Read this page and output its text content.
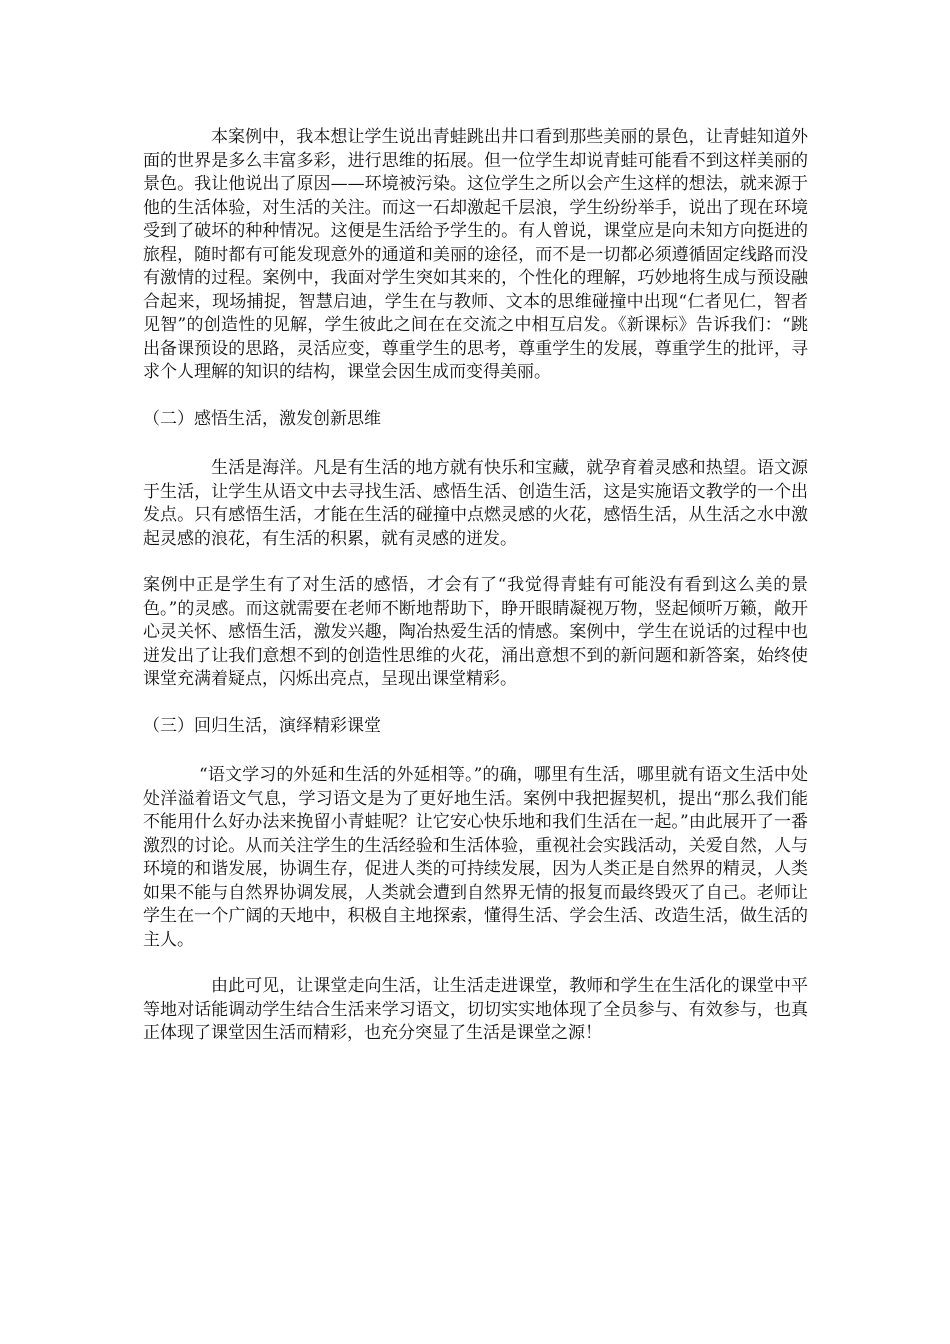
本案例中，我本想让学生说出青蛙跳出井口看到那些美丽的景色，让青蛙知道外面的世界是多么丰富多彩，进行思维的拓展。但一位学生却说青蛙可能看不到这样美丽的景色。我让他说出了原因——环境被污染。这位学生之所以会产生这样的想法，就来源于他的生活体验，对生活的关注。而这一石却激起千层浪，学生纷纷举手，说出了现在环境受到了破坏的种种情况。这便是生活给予学生的。有人曾说，课堂应是向未知方向挺进的旅程，随时都有可能发现意外的通道和美丽的途径，而不是一切都必须遵循固定线路而没有激情的过程。案例中，我面对学生突如其来的，个性化的理解，巧妙地将生成与预设融合起来，现场捕捉，智慧启迪，学生在与教师、文本的思维碰撞中出现“仁者见仁，智者见智”的创造性的见解，学生彼此之间在在交流之中相互启发。《新课标》告诉我们：“跳出备课预设的思路，灵活应变，尊重学生的思考，尊重学生的发展，尊重学生的批评，寻求个人理解的知识的结构，课堂会因生成而变得美丽。

（二）感悟生活，激发创新思维

生活是海洋。凡是有生活的地方就有快乐和宝藏，就孕育着灵感和热望。语文源于生活，让学生从语文中去寻找生活、感悟生活、创造生活，这是实施语文教学的一个出发点。只有感悟生活，才能在生活的碰撞中点燃灵感的火花，感悟生活，从生活之水中激起灵感的浪花，有生活的积累，就有灵感的迸发。

案例中正是学生有了对生活的感悟，才会有了“我觉得青蛙有可能没有看到这么美的景色。”的灵感。而这就需要在老师不断地帮助下，睁开眼睛凝视万物，竖起倾听万籁，敞开心灵关怀、感悟生活，激发兴趣，陶冶热爱生活的情感。案例中，学生在说话的过程中也迸发出了让我们意想不到的创造性思维的火花，涌出意想不到的新问题和新答案，始终使课堂充满着疑点，闪烁出亮点，呈现出课堂精彩。

（三）回归生活，演绎精彩课堂

“语文学习的外延和生活的外延相等。”的确，哪里有生活，哪里就有语文生活中处处洋溢着语文气息，学习语文是为了更好地生活。案例中我把握契机，提出“那么我们能不能用什么好办法来挽留小青蛙呢？让它安心快乐地和我们生活在一起。”由此展开了一番激烈的讨论。从而关注学生的生活经验和生活体验，重视社会实践活动，关爱自然，人与环境的和谐发展，协调生存，促进人类的可持续发展，因为人类正是自然界的精灵，人类如果不能与自然界协调发展，人类就会遭到自然界无情的报复而最终毁灭了自己。老师让学生在一个广阔的天地中，积极自主地探索，懂得生活、学会生活、改造生活，做生活的主人。

由此可见，让课堂走向生活，让生活走进课堂，教师和学生在生活化的课堂中平等地对话能调动学生结合生活来学习语文，切切实实地体现了全员参与、有效参与，也真正体现了课堂因生活而精彩，也充分突显了生活是课堂之源！
